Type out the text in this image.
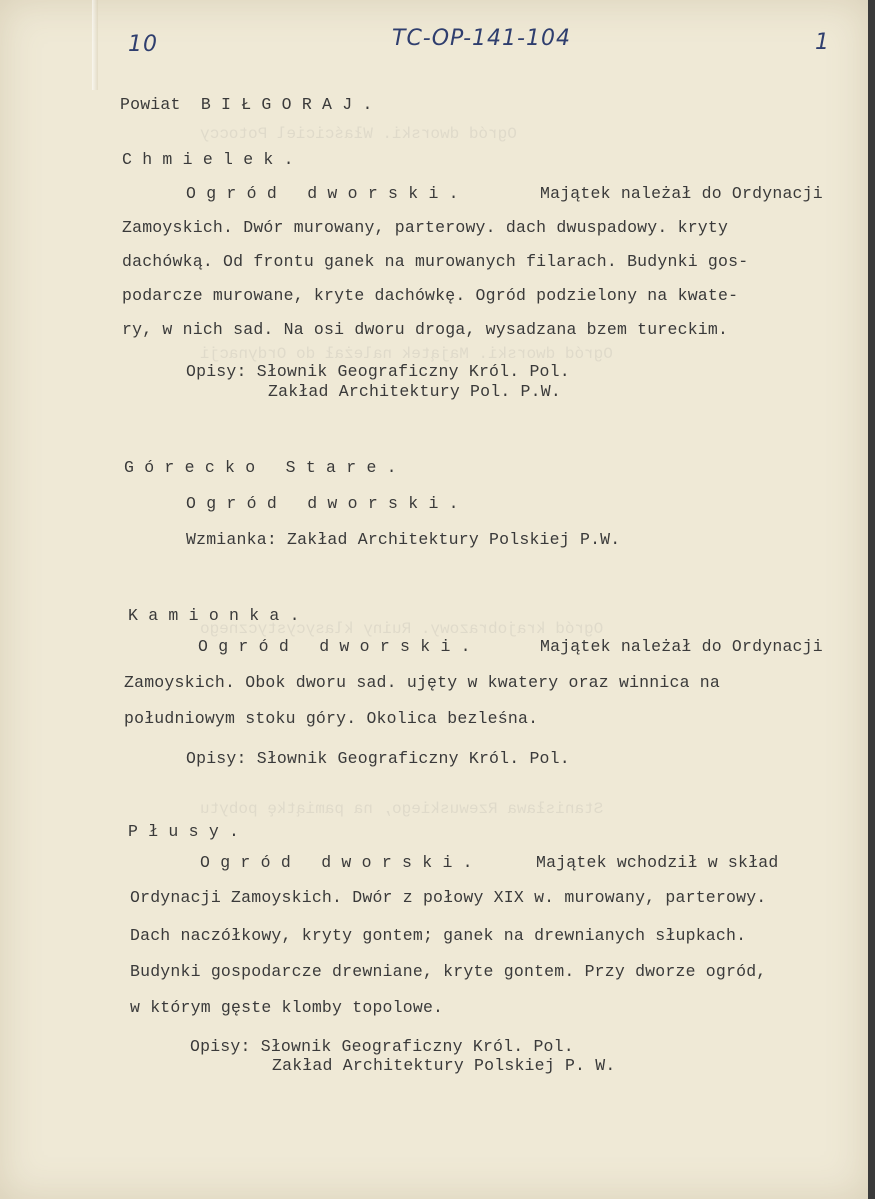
Ogród dworski. Właściciel Potoccy
Ogród dworski. Majątek należał do Ordynacji
Ogród krajobrazowy. Ruiny klasycystycznego
Stanisława Rzewuskiego, na pamiątkę pobytu
10	TC-OP-141-104	1
Powiat  B I Ł G O R A J .
C h m i e l e k .
O g r ó d   d w o r s k i .	Majątek należał do Ordynacji
Zamoyskich. Dwór murowany, parterowy. dach dwuspadowy. kryty
dachówką. Od frontu ganek na murowanych filarach. Budynki gos-
podarcze murowane, kryte dachówkę. Ogród podzielony na kwate-
ry, w nich sad. Na osi dworu droga, wysadzana bzem tureckim.
Opisy: Słownik Geograficzny Król. Pol.
Zakład Architektury Pol. P.W.
G ó r e c k o   S t a r e .
O g r ó d   d w o r s k i .
Wzmianka: Zakład Architektury Polskiej P.W.
K a m i o n k a .
O g r ó d   d w o r s k i .	Majątek należał do Ordynacji
Zamoyskich. Obok dworu sad. ujęty w kwatery oraz winnica na
południowym stoku góry. Okolica bezleśna.
Opisy: Słownik Geograficzny Król. Pol.
P ł u s y .
O g r ó d   d w o r s k i .	Majątek wchodził w skład
Ordynacji Zamoyskich. Dwór z połowy XIX w. murowany, parterowy.
Dach naczółkowy, kryty gontem; ganek na drewnianych słupkach.
Budynki gospodarcze drewniane, kryte gontem. Przy dworze ogród,
w którym gęste klomby topolowe.
Opisy: Słownik Geograficzny Król. Pol.
Zakład Architektury Polskiej P. W.
